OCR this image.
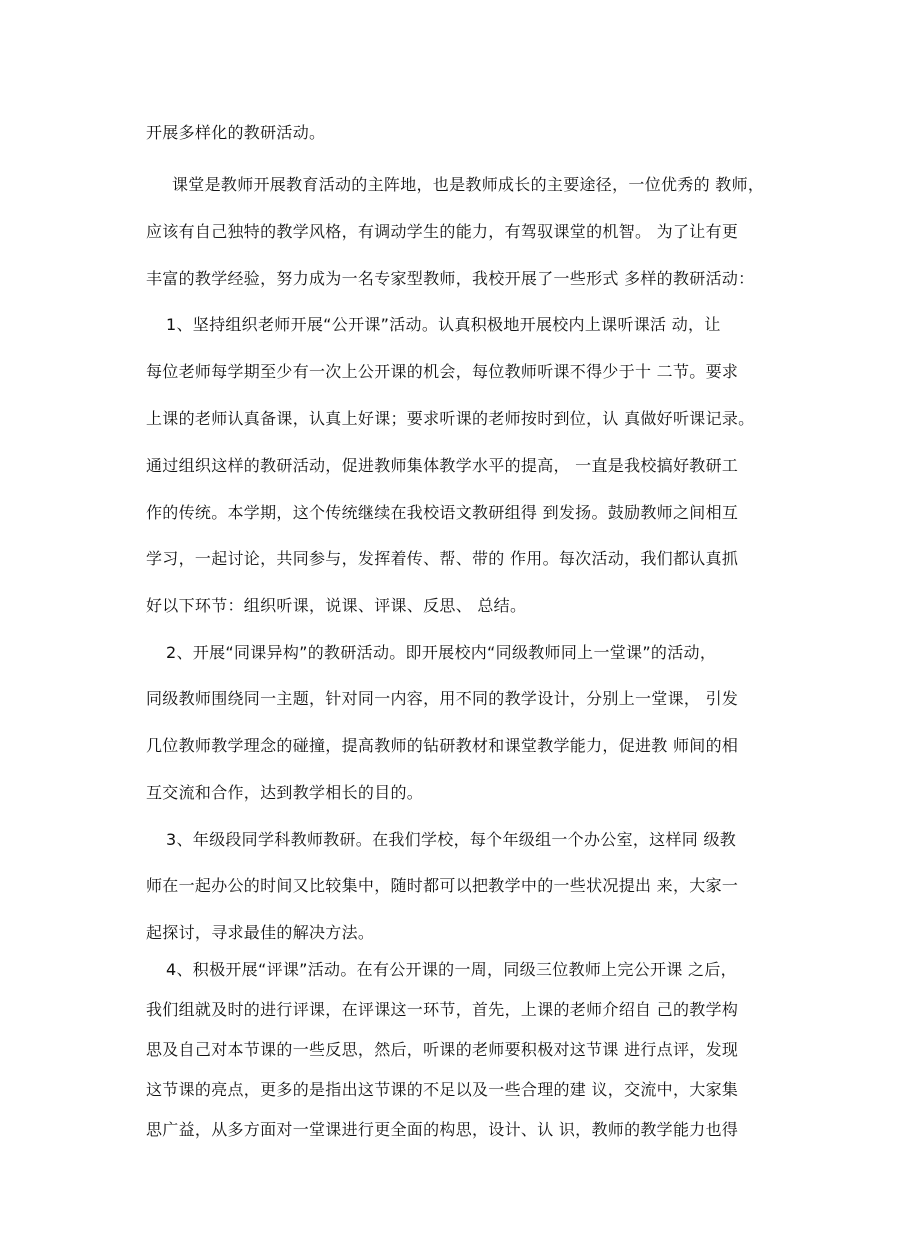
开展多样化的教研活动。
课堂是教师开展教育活动的主阵地，也是教师成长的主要途径，一位优秀的 教师，
应该有自己独特的教学风格，有调动学生的能力，有驾驭课堂的机智。 为了让有更
丰富的教学经验，努力成为一名专家型教师，我校开展了一些形式 多样的教研活动：
1、坚持组织老师开展“公开课”活动。认真积极地开展校内上课听课活 动，让
每位老师每学期至少有一次上公开课的机会，每位教师听课不得少于十 二节。要求
上课的老师认真备课，认真上好课；要求听课的老师按时到位，认 真做好听课记录。
通过组织这样的教研活动，促进教师集体教学水平的提高， 一直是我校搞好教研工
作的传统。本学期，这个传统继续在我校语文教研组得 到发扬。鼓励教师之间相互
学习，一起讨论，共同参与，发挥着传、帮、带的 作用。每次活动，我们都认真抓
好以下环节：组织听课，说课、评课、反思、 总结。
2、开展“同课异构”的教研活动。即开展校内“同级教师同上一堂课”的活动，
同级教师围绕同一主题，针对同一内容，用不同的教学设计，分别上一堂课， 引发
几位教师教学理念的碰撞，提高教师的钻研教材和课堂教学能力，促进教 师间的相
互交流和合作，达到教学相长的目的。
3、年级段同学科教师教研。在我们学校，每个年级组一个办公室，这样同 级教
师在一起办公的时间又比较集中，随时都可以把教学中的一些状况提出 来，大家一
起探讨，寻求最佳的解决方法。
4、积极开展“评课”活动。在有公开课的一周，同级三位教师上完公开课 之后，
我们组就及时的进行评课，在评课这一环节，首先，上课的老师介绍自 己的教学构
思及自己对本节课的一些反思，然后，听课的老师要积极对这节课 进行点评，发现
这节课的亮点，更多的是指出这节课的不足以及一些合理的建 议，交流中，大家集
思广益，从多方面对一堂课进行更全面的构思，设计、认 识，教师的教学能力也得
